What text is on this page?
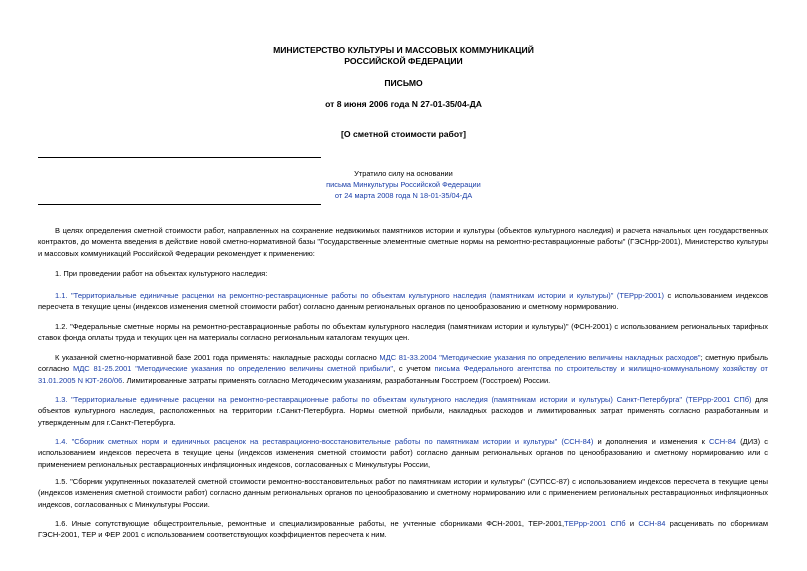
МИНИСТЕРСТВО КУЛЬТУРЫ И МАССОВЫХ КОММУНИКАЦИЙ
РОССИЙСКОЙ ФЕДЕРАЦИИ
ПИСЬМО
от 8 июня 2006 года N 27-01-35/04-ДА
[О сметной стоимости работ]
Утратило силу на основании
письма Минкультуры Российской Федерации
от 24 марта 2008 года N 18-01-35/04-ДА
В целях определения сметной стоимости работ, направленных на сохранение недвижимых памятников истории и культуры (объектов культурного наследия) и расчета начальных цен государственных контрактов, до момента введения в действие новой сметно-нормативной базы "Государственные элементные сметные нормы на ремонтно-реставрационные работы" (ГЭСНрр-2001), Министерство культуры и массовых коммуникаций Российской Федерации рекомендует к применению:
1. При проведении работ на объектах культурного наследия:
1.1. "Территориальные единичные расценки на ремонтно-реставрационные работы по объектам культурного наследия (памятникам истории и культуры)" (ТЕРрр-2001) с использованием индексов пересчета в текущие цены (индексов изменения сметной стоимости работ) согласно данным региональных органов по ценообразованию и сметному нормированию.
1.2. "Федеральные сметные нормы на ремонтно-реставрационные работы по объектам культурного наследия (памятникам истории и культуры)" (ФСН-2001) с использованием региональных тарифных ставок фонда оплаты труда и текущих цен на материалы согласно региональным каталогам текущих цен.
К указанной сметно-нормативной базе 2001 года применять: накладные расходы согласно МДС 81-33.2004 "Методические указания по определению величины накладных расходов"; сметную прибыль согласно МДС 81-25.2001 "Методические указания по определению величины сметной прибыли", с учетом письма Федерального агентства по строительству и жилищно-коммунальному хозяйству от 31.01.2005 N ЮТ-260/06. Лимитированные затраты применять согласно Методическим указаниям, разработанным Госстроем (Госстроем) России.
1.3. "Территориальные единичные расценки на ремонтно-реставрационные работы по объектам культурного наследия (памятникам истории и культуры) Санкт-Петербурга" (ТЕРрр-2001 СПб) для объектов культурного наследия, расположенных на территории г.Санкт-Петербурга. Нормы сметной прибыли, накладных расходов и лимитированных затрат применять согласно разработанным и утвержденным для г.Санкт-Петербурга.
1.4. "Сборник сметных норм и единичных расценок на реставрационно-восстановительные работы по памятникам истории и культуры" (ССН-84) и дополнения и изменения к ССН-84 (ДИЗ) с использованием индексов пересчета в текущие цены (индексов изменения сметной стоимости работ) согласно данным региональных органов по ценообразованию и сметному нормированию или с применением региональных реставрационных инфляционных индексов, согласованных с Минкультуры России,
1.5. "Сборник укрупненных показателей сметной стоимости ремонтно-восстановительных работ по памятникам истории и культуры" (СУПСС-87) с использованием индексов пересчета в текущие цены (индексов изменения сметной стоимости работ) согласно данным региональных органов по ценообразованию и сметному нормированию или с применением региональных реставрационных инфляционных индексов, согласованных с Минкультуры России.
1.6. Иные сопутствующие общестроительные, ремонтные и специализированные работы, не учтенные сборниками ФСН-2001, ТЕР-2001,ТЕРрр-2001 СПб и ССН-84 расценивать по сборникам ГЭСН-2001, ТЕР и ФЕР 2001 с использованием соответствующих коэффициентов пересчета к ним.
